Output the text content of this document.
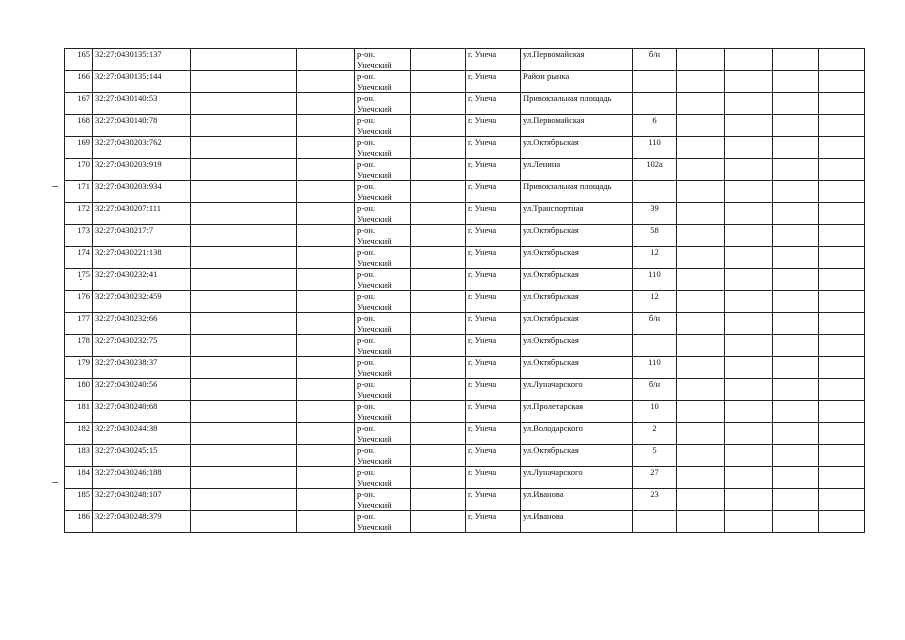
165	32:27:0430135:137			р-он.
Унечский		г. Унеча	ул.Первомайская	б/н				
166	32:27:0430135:144			р-он.
Унечский		г. Унеча	Район рынка					
167	32:27:0430140:53			р-он.
Унечский		г. Унеча	Привокзальная площадь					
168	32:27:0430140:78			р-он.
Унечский		г. Унеча	ул.Первомайская	6				
169	32:27:0430203:762			р-он.
Унечский		г. Унеча	ул.Октябрьская	110				
170	32:27:0430203:919			р-он.
Унечский		г. Унеча	ул.Ленина	102а				
171	32:27:0430203:934			р-он.
Унечский		г. Унеча	Привокзальная площадь					
172	32:27:0430207:111			р-он.
Унечский		г. Унеча	ул.Транспортная	39				
173	32:27:0430217:7			р-он.
Унечский		г. Унеча	ул.Октябрьская	58				
174	32:27:0430221:138			р-он.
Унечский		г. Унеча	ул.Октябрьская	12				
175	32:27:0430232:41			р-он.
Унечский		г. Унеча	ул.Октябрьская	110				
176	32:27:0430232:459			р-он.
Унечский		г. Унеча	ул.Октябрьская	12				
177	32:27:0430232:66			р-он.
Унечский		г. Унеча	ул.Октябрьская	б/н				
178	32:27:0430232:75			р-он.
Унечский		г. Унеча	ул.Октябрьская					
179	32:27:0430238:37			р-он.
Унечский		г. Унеча	ул.Октябрьская	110				
180	32:27:0430240:56			р-он.
Унечский		г. Унеча	ул.Луначарского	б/н				
181	32:27:0430240:68			р-он.
Унечский		г. Унеча	ул.Пролетарская	10				
182	32:27:0430244:38			р-он.
Унечский		г. Унеча	ул.Володарского	2				
183	32:27:0430245:15			р-он.
Унечский		г. Унеча	ул.Октябрьская	5				
184	32:27:0430246:188			р-он.
Унечский		г. Унеча	ул.Луначарского	27				
185	32:27:0430248:107			р-он.
Унечский		г. Унеча	ул.Иванова	23				
186	32:27:0430248:379			р-он.
Унечский		г. Унеча	ул.Иванова					
